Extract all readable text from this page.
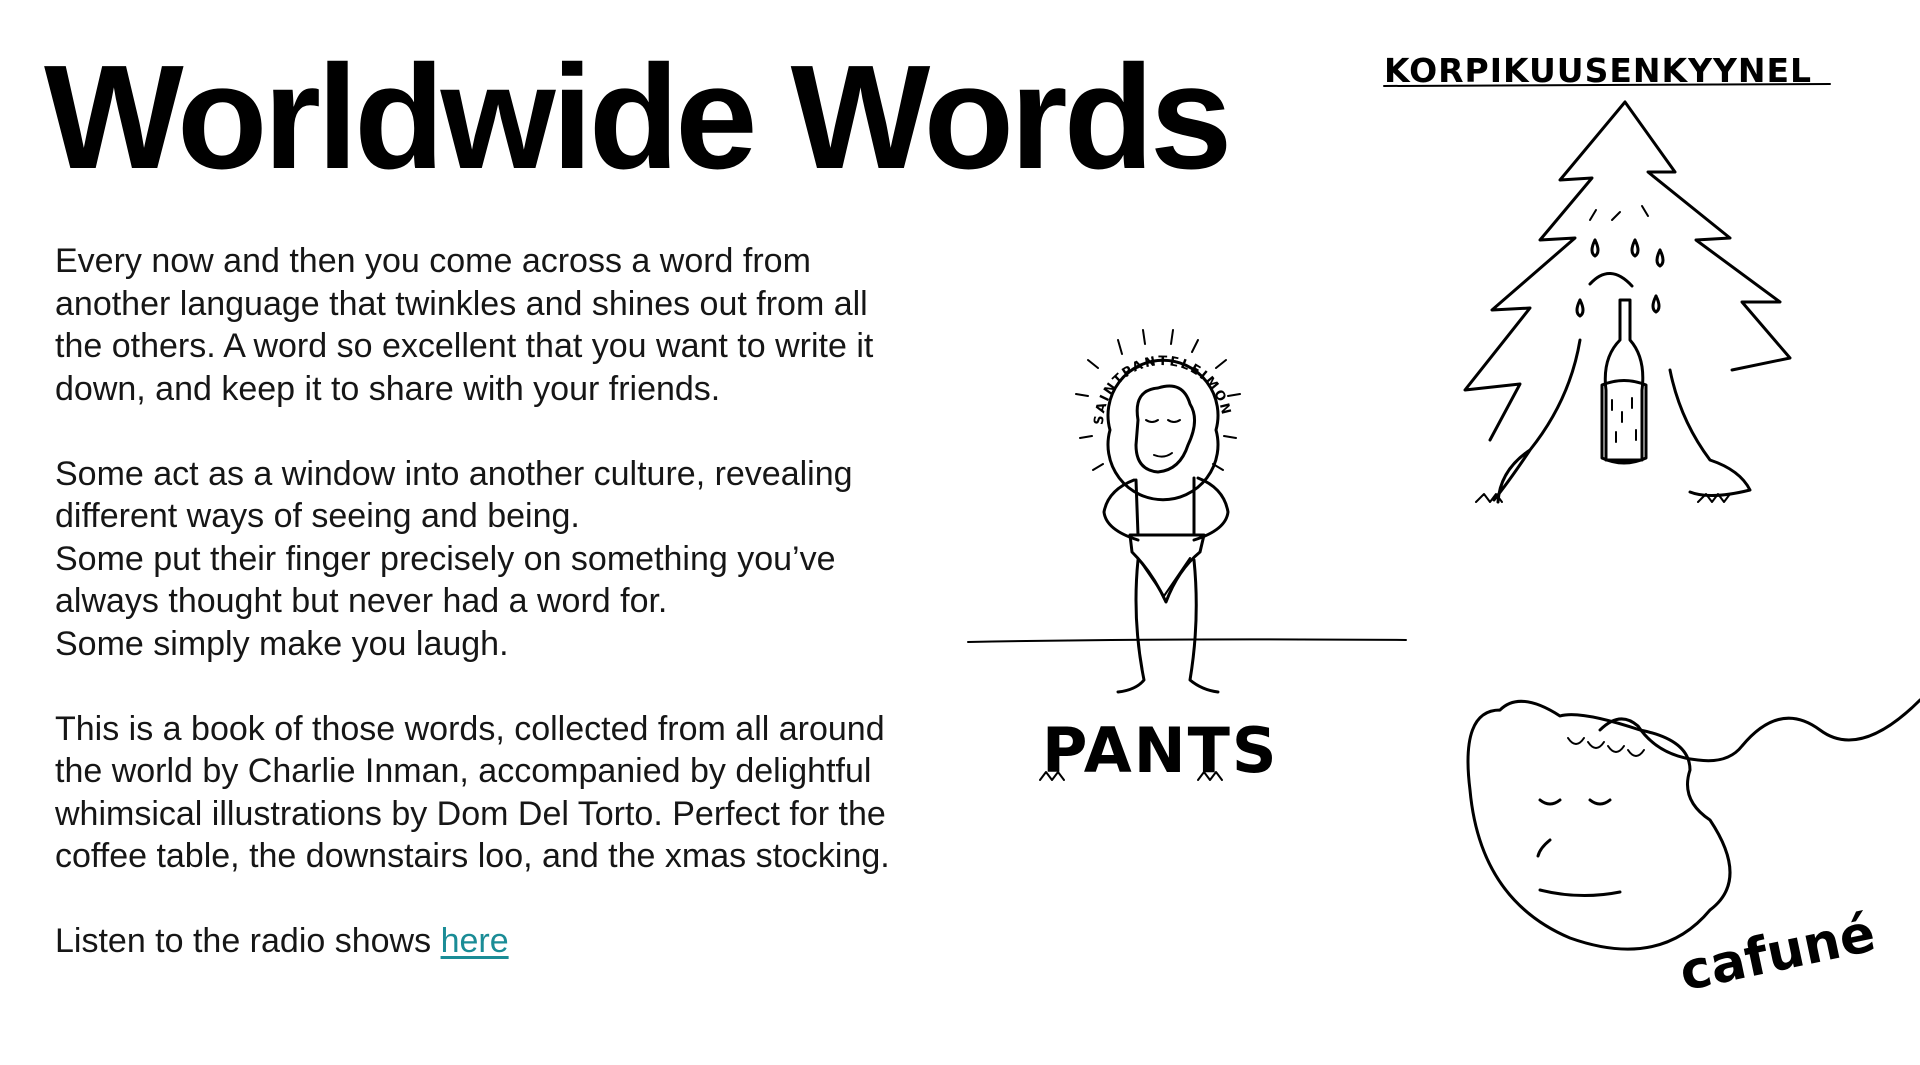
Worldwide Words

Every now and then you come across a word from
another language that twinkles and shines out from all
the others. A word so excellent that you want to write it
down, and keep it to share with your friends.

Some act as a window into another culture, revealing
different ways of seeing and being.
Some put their finger precisely on something you’ve
always thought but never had a word for.
Some simply make you laugh.

This is a book of those words, collected from all around
the world by Charlie Inman, accompanied by delightful
whimsical illustrations by Dom Del Torto. Perfect for the
coffee table, the downstairs loo, and the xmas stocking.

Listen to the radio shows here

KORPIKUUSENKYYNEL
SAINTPANTELEIMON
PANTS
cafuné
